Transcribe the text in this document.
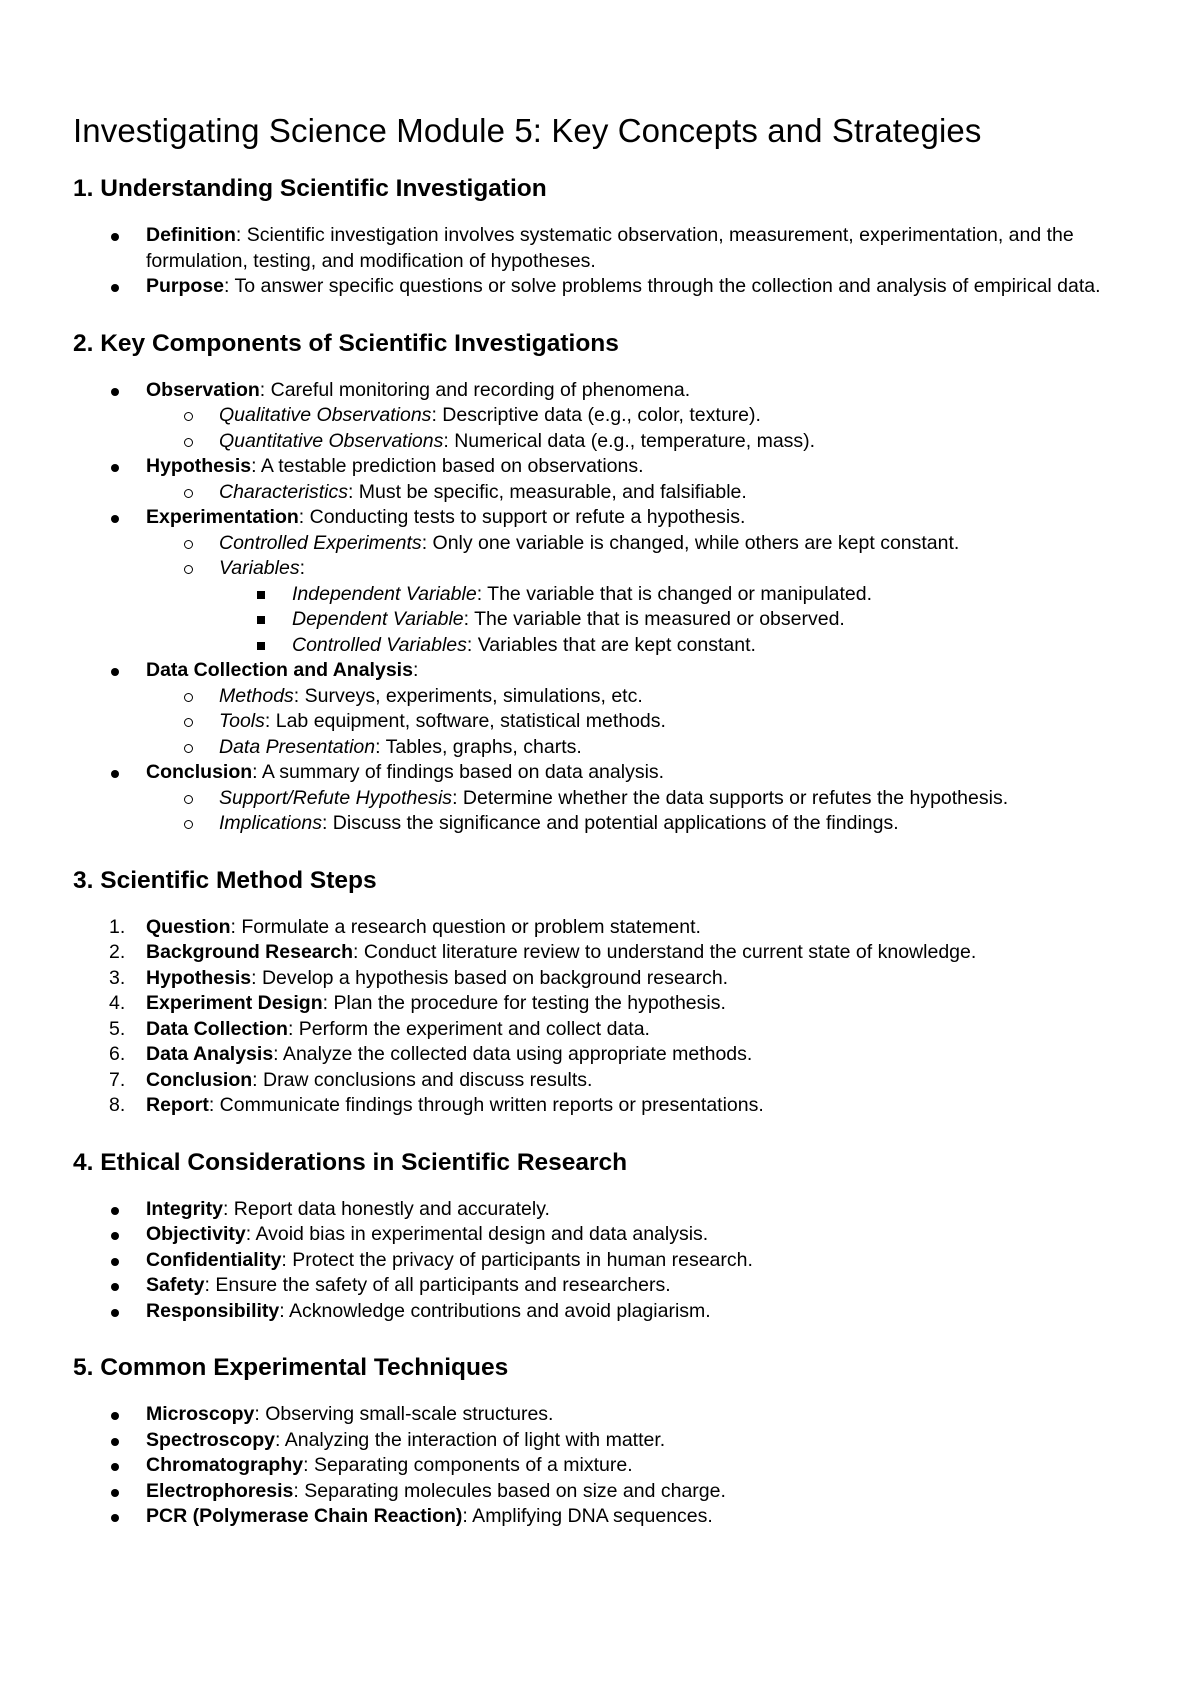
Investigating Science Module 5: Key Concepts and Strategies
1. Understanding Scientific Investigation
Definition: Scientific investigation involves systematic observation, measurement, experimentation, and the formulation, testing, and modification of hypotheses.
Purpose: To answer specific questions or solve problems through the collection and analysis of empirical data.
2. Key Components of Scientific Investigations
Observation: Careful monitoring and recording of phenomena.
Qualitative Observations: Descriptive data (e.g., color, texture).
Quantitative Observations: Numerical data (e.g., temperature, mass).
Hypothesis: A testable prediction based on observations.
Characteristics: Must be specific, measurable, and falsifiable.
Experimentation: Conducting tests to support or refute a hypothesis.
Controlled Experiments: Only one variable is changed, while others are kept constant.
Variables:
Independent Variable: The variable that is changed or manipulated.
Dependent Variable: The variable that is measured or observed.
Controlled Variables: Variables that are kept constant.
Data Collection and Analysis:
Methods: Surveys, experiments, simulations, etc.
Tools: Lab equipment, software, statistical methods.
Data Presentation: Tables, graphs, charts.
Conclusion: A summary of findings based on data analysis.
Support/Refute Hypothesis: Determine whether the data supports or refutes the hypothesis.
Implications: Discuss the significance and potential applications of the findings.
3. Scientific Method Steps
1. Question: Formulate a research question or problem statement.
2. Background Research: Conduct literature review to understand the current state of knowledge.
3. Hypothesis: Develop a hypothesis based on background research.
4. Experiment Design: Plan the procedure for testing the hypothesis.
5. Data Collection: Perform the experiment and collect data.
6. Data Analysis: Analyze the collected data using appropriate methods.
7. Conclusion: Draw conclusions and discuss results.
8. Report: Communicate findings through written reports or presentations.
4. Ethical Considerations in Scientific Research
Integrity: Report data honestly and accurately.
Objectivity: Avoid bias in experimental design and data analysis.
Confidentiality: Protect the privacy of participants in human research.
Safety: Ensure the safety of all participants and researchers.
Responsibility: Acknowledge contributions and avoid plagiarism.
5. Common Experimental Techniques
Microscopy: Observing small-scale structures.
Spectroscopy: Analyzing the interaction of light with matter.
Chromatography: Separating components of a mixture.
Electrophoresis: Separating molecules based on size and charge.
PCR (Polymerase Chain Reaction): Amplifying DNA sequences.
